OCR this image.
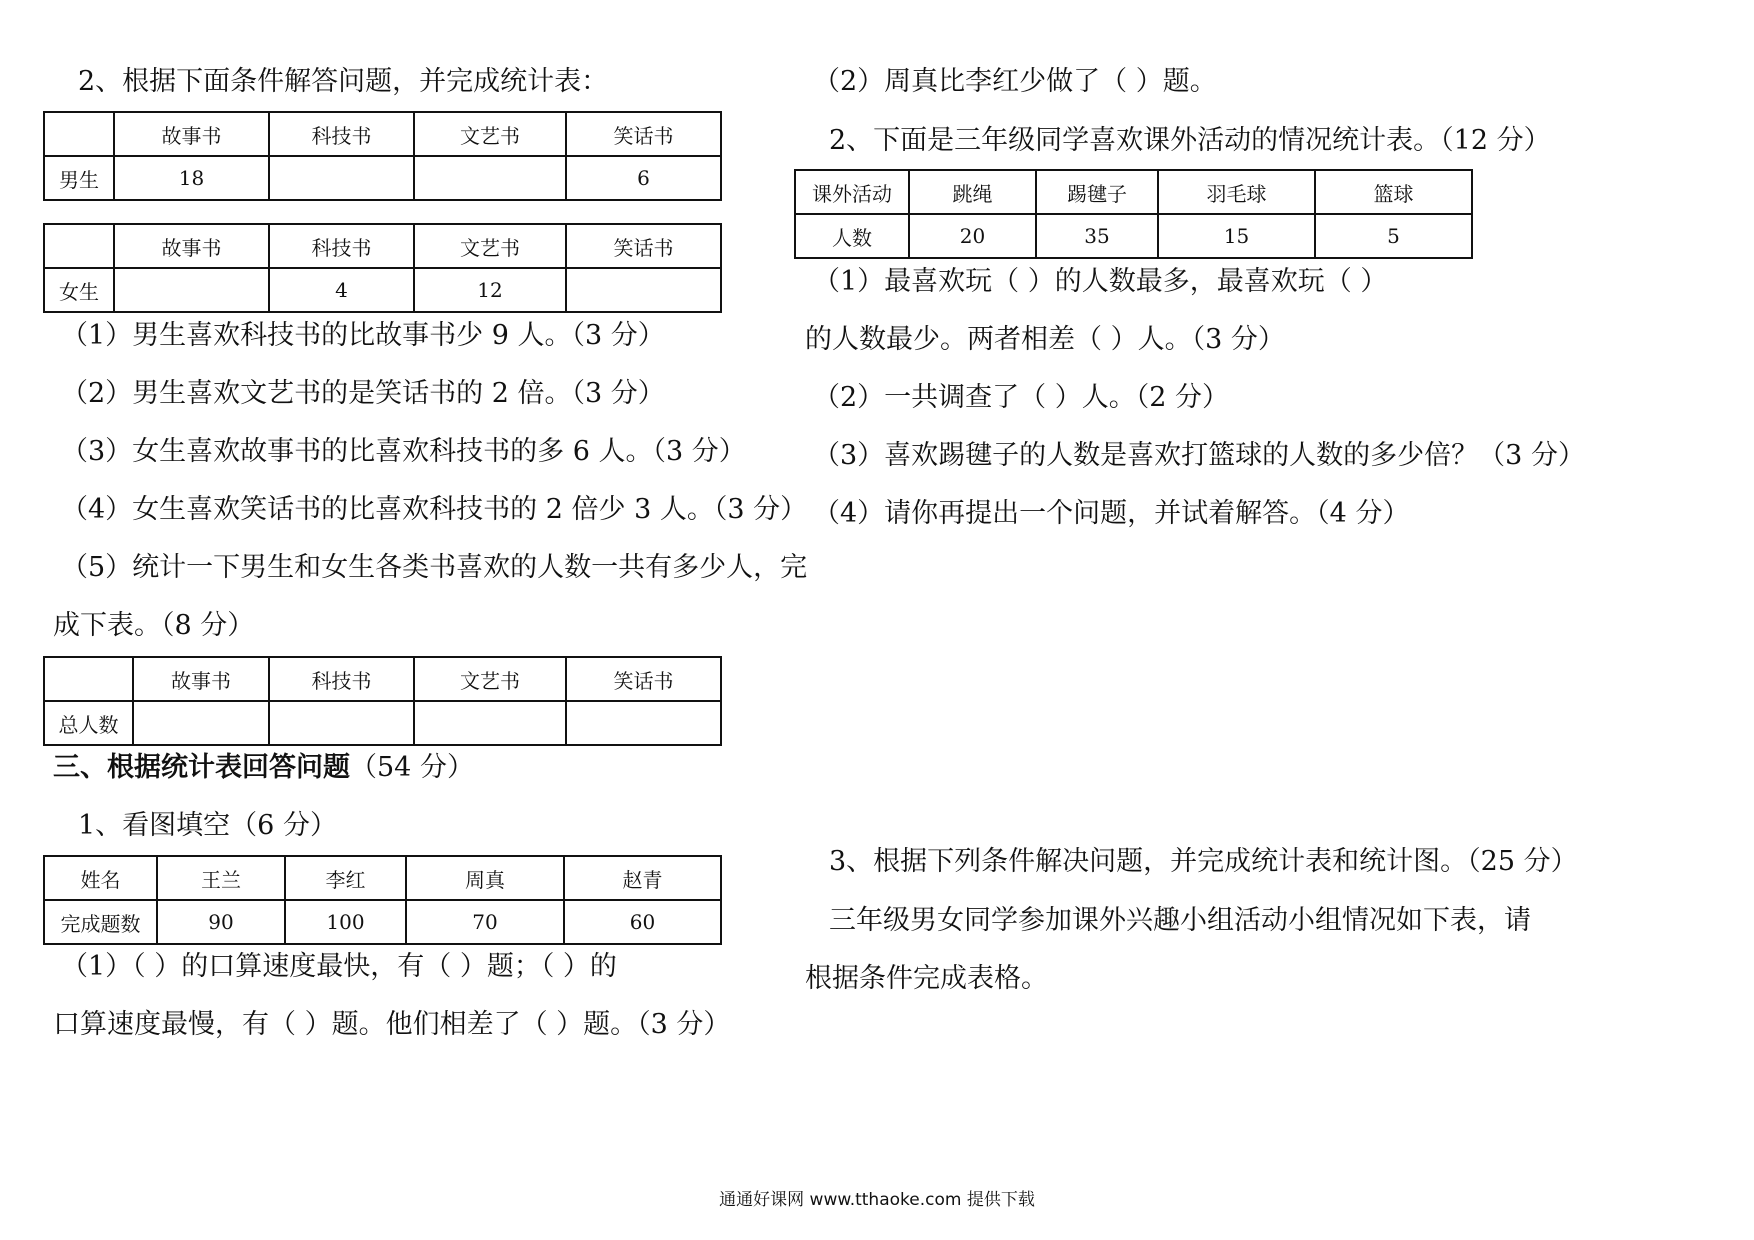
2、根据下面条件解答问题，并完成统计表：
	故事书	科技书	文艺书	笑话书
男生	18			6
	故事书	科技书	文艺书	笑话书
女生		4	12	
（1）男生喜欢科技书的比故事书少 9 人。（3 分）
（2）男生喜欢文艺书的是笑话书的 2 倍。（3 分）
（3）女生喜欢故事书的比喜欢科技书的多 6 人。（3 分）
（4）女生喜欢笑话书的比喜欢科技书的 2 倍少 3 人。（3 分）
（5）统计一下男生和女生各类书喜欢的人数一共有多少人，完
成下表。（8 分）
	故事书	科技书	文艺书	笑话书
总人数				
三、根据统计表回答问题（54 分）
1、看图填空（6 分）
姓名	王兰	李红	周真	赵青
完成题数	90	100	70	60
（1）（ ）的口算速度最快，有（ ）题；（ ）的
口算速度最慢，有（ ）题。他们相差了（ ）题。（3 分）
（2）周真比李红少做了（ ）题。
2、下面是三年级同学喜欢课外活动的情况统计表。（12 分）
课外活动	跳绳	踢毽子	羽毛球	篮球
人数	20	35	15	5
（1）最喜欢玩（ ）的人数最多，最喜欢玩（ ）
的人数最少。两者相差（ ）人。（3 分）
（2）一共调查了（ ）人。（2 分）
（3）喜欢踢毽子的人数是喜欢打篮球的人数的多少倍？（3 分）
（4）请你再提出一个问题，并试着解答。（4 分）
3、根据下列条件解决问题，并完成统计表和统计图。（25 分）
三年级男女同学参加课外兴趣小组活动小组情况如下表，请
根据条件完成表格。
通通好课网 www.tthaoke.com 提供下载
